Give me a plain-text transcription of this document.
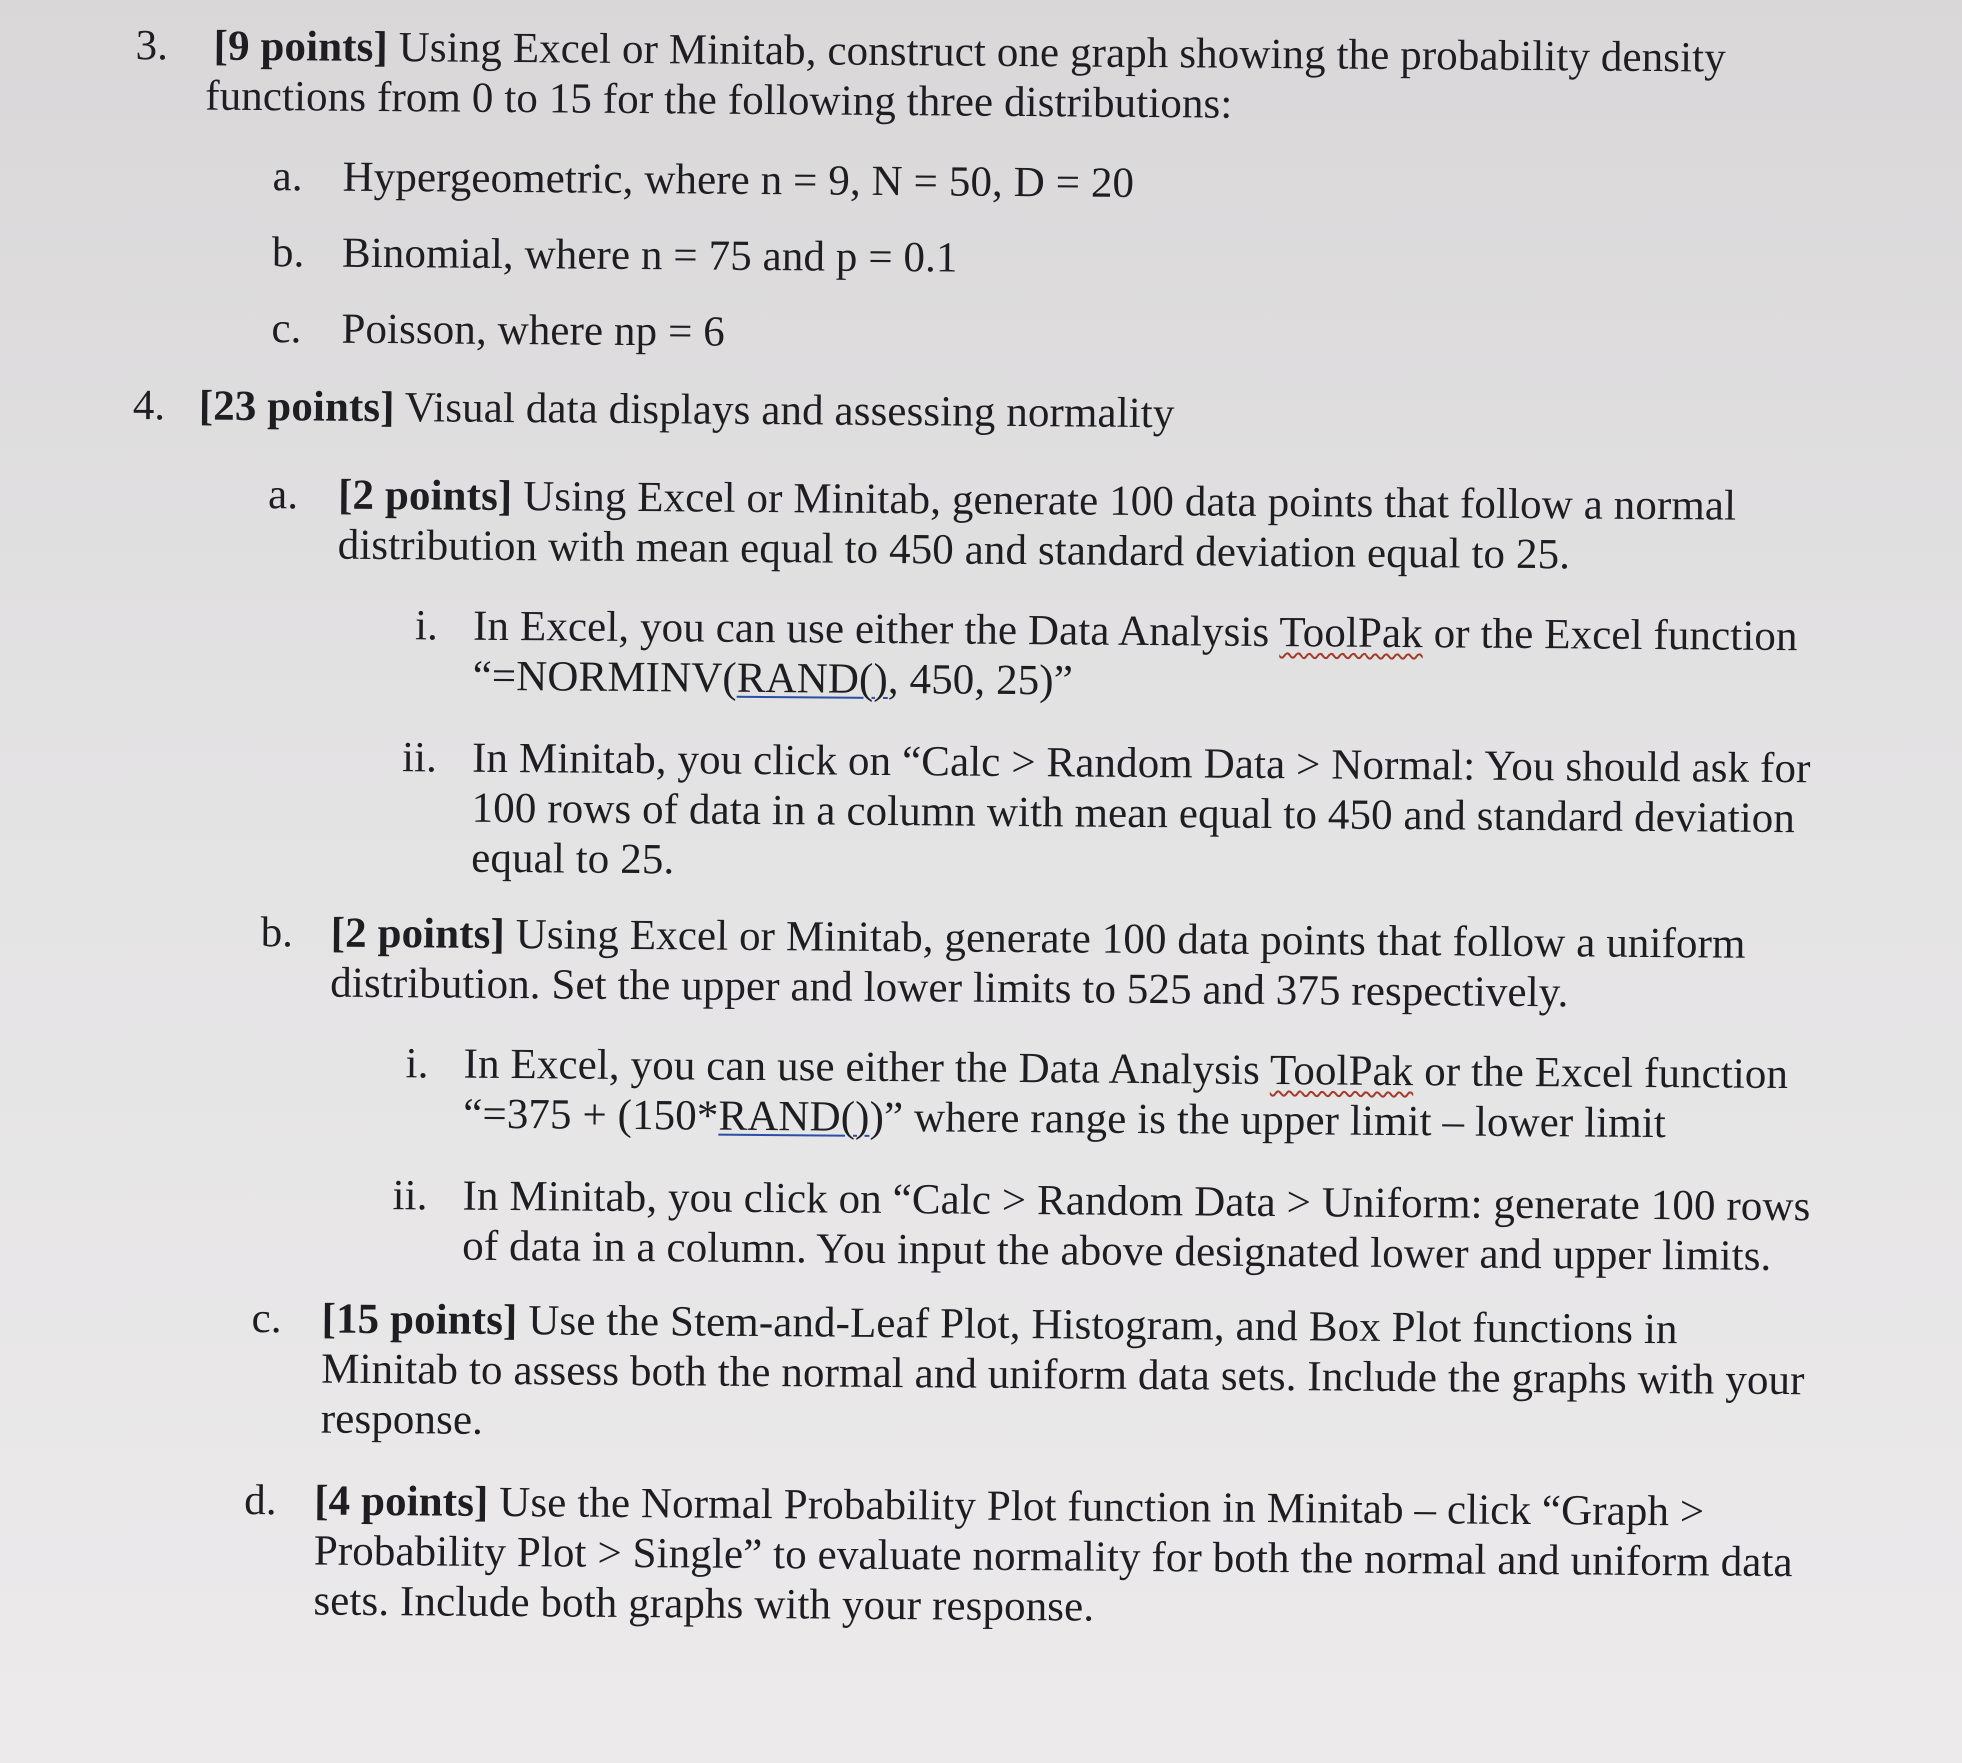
3. [9 points] Using Excel or Minitab, construct one graph showing the probability density
functions from 0 to 15 for the following three distributions:
a. Hypergeometric, where n = 9, N = 50, D = 20
b. Binomial, where n = 75 and p = 0.1
c. Poisson, where np = 6
4. [23 points] Visual data displays and assessing normality
a. [2 points] Using Excel or Minitab, generate 100 data points that follow a normal
distribution with mean equal to 450 and standard deviation equal to 25.
i. In Excel, you can use either the Data Analysis ToolPak or the Excel function
“=NORMINV(RAND(), 450, 25)”
ii. In Minitab, you click on “Calc > Random Data > Normal: You should ask for
100 rows of data in a column with mean equal to 450 and standard deviation
equal to 25.
b. [2 points] Using Excel or Minitab, generate 100 data points that follow a uniform
distribution. Set the upper and lower limits to 525 and 375 respectively.
i. In Excel, you can use either the Data Analysis ToolPak or the Excel function
“=375 + (150*RAND())” where range is the upper limit – lower limit
ii. In Minitab, you click on “Calc > Random Data > Uniform: generate 100 rows
of data in a column. You input the above designated lower and upper limits.
c. [15 points] Use the Stem-and-Leaf Plot, Histogram, and Box Plot functions in
Minitab to assess both the normal and uniform data sets. Include the graphs with your
response.
d. [4 points] Use the Normal Probability Plot function in Minitab – click “Graph >
Probability Plot > Single” to evaluate normality for both the normal and uniform data
sets. Include both graphs with your response.
